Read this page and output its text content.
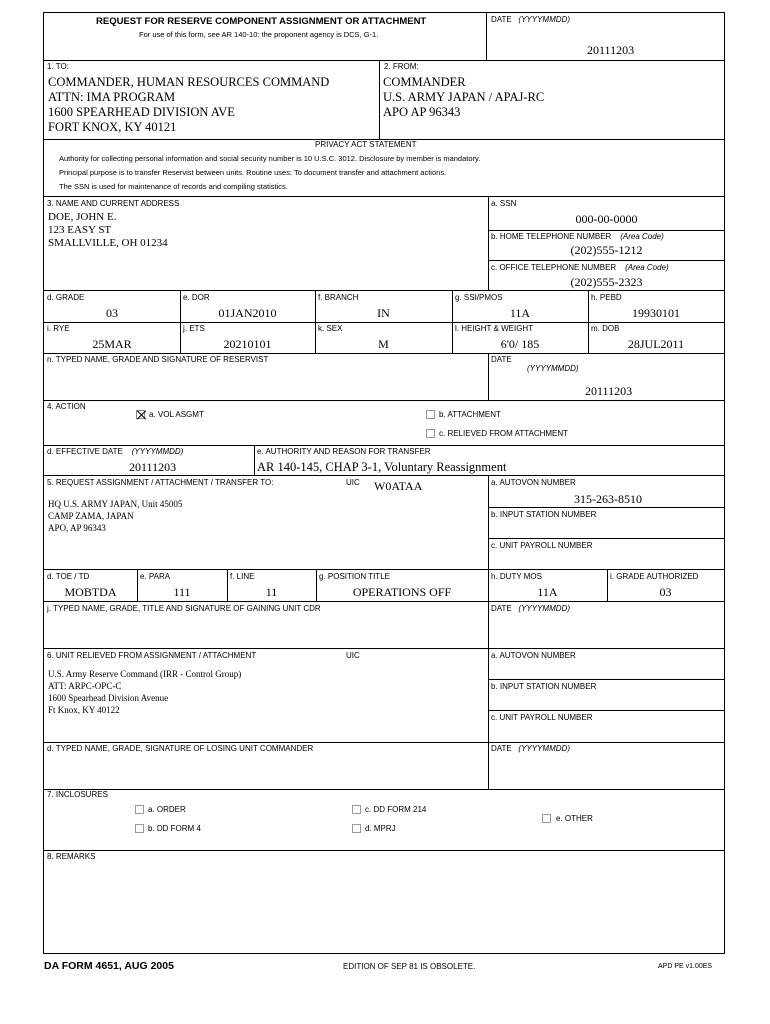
REQUEST FOR RESERVE COMPONENT ASSIGNMENT OR ATTACHMENT
For use of this form, see AR 140-10: the proponent agency is DCS, G-1.
DATE (YYYYMMDD)
20111203
1. TO:	2. FROM:
COMMANDER, HUMAN RESOURCES COMMAND
ATTN: IMA PROGRAM
1600 SPEARHEAD DIVISION AVE
FORT KNOX, KY 40121
COMMANDER
U.S. ARMY JAPAN / APAJ-RC
APO AP 96343
PRIVACY ACT STATEMENT
Authority for collecting personal information and social security number is 10 U.S.C. 3012. Disclosure by member is mandatory.
Principal purpose is to transfer Reservist between units. Routine uses: To document transfer and attachment actions.
The SSN is used for maintenance of records and compiling statistics.
3. NAME AND CURRENT ADDRESS
DOE, JOHN E.
123 EASY ST
SMALLVILLE, OH 01234
a. SSN
000-00-0000
b. HOME TELEPHONE NUMBER (Area Code)
(202)555-1212
c. OFFICE TELEPHONE NUMBER (Area Code)
(202)555-2323
d. GRADE
03
e. DOR
01JAN2010
f. BRANCH
IN
g. SSI/PMOS
11A
h. PEBD
19930101
i. RYE
25MAR
j. ETS
20210101
k. SEX
M
l. HEIGHT & WEIGHT
6'0/ 185
m. DOB
28JUL2011
n. TYPED NAME, GRADE AND SIGNATURE OF RESERVIST	DATE
(YYYYMMDD)
20111203
4. ACTION
a. VOL ASGMT	b. ATTACHMENT
c. RELIEVED FROM ATTACHMENT
d. EFFECTIVE DATE (YYYYMMDD)
20111203
e. AUTHORITY AND REASON FOR TRANSFER
AR 140-145, CHAP 3-1, Voluntary Reassignment
5. REQUEST ASSIGNMENT / ATTACHMENT / TRANSFER TO:	UIC W0ATAA
HQ U.S. ARMY JAPAN, Unit 45005
CAMP ZAMA, JAPAN
APO, AP 96343
a. AUTOVON NUMBER
315-263-8510
b. INPUT STATION NUMBER
c. UNIT PAYROLL NUMBER
d. TOE / TD
MOBTDA
e. PARA
111
f. LINE
11
g. POSITION TITLE
OPERATIONS OFF
h. DUTY MOS
11A
i. GRADE AUTHORIZED
03
j. TYPED NAME, GRADE, TITLE AND SIGNATURE OF GAINING UNIT CDR	DATE (YYYYMMDD)
6. UNIT RELIEVED FROM ASSIGNMENT / ATTACHMENT	UIC
U.S. Army Reserve Command (IRR - Control Group)
ATT: ARPC-OPC-C
1600 Spearhead Division Avenue
Ft Knox, KY 40122
a. AUTOVON NUMBER
b. INPUT STATION NUMBER
c. UNIT PAYROLL NUMBER
d. TYPED NAME, GRADE, SIGNATURE OF LOSING UNIT COMMANDER	DATE (YYYYMMDD)
7. INCLOSURES
a. ORDER
b. DD FORM 4
c. DD FORM 214
d. MPRJ
e. OTHER
8. REMARKS
DA FORM 4651, AUG 2005	EDITION OF SEP 81 IS OBSOLETE.	APD PE v1.00ES
